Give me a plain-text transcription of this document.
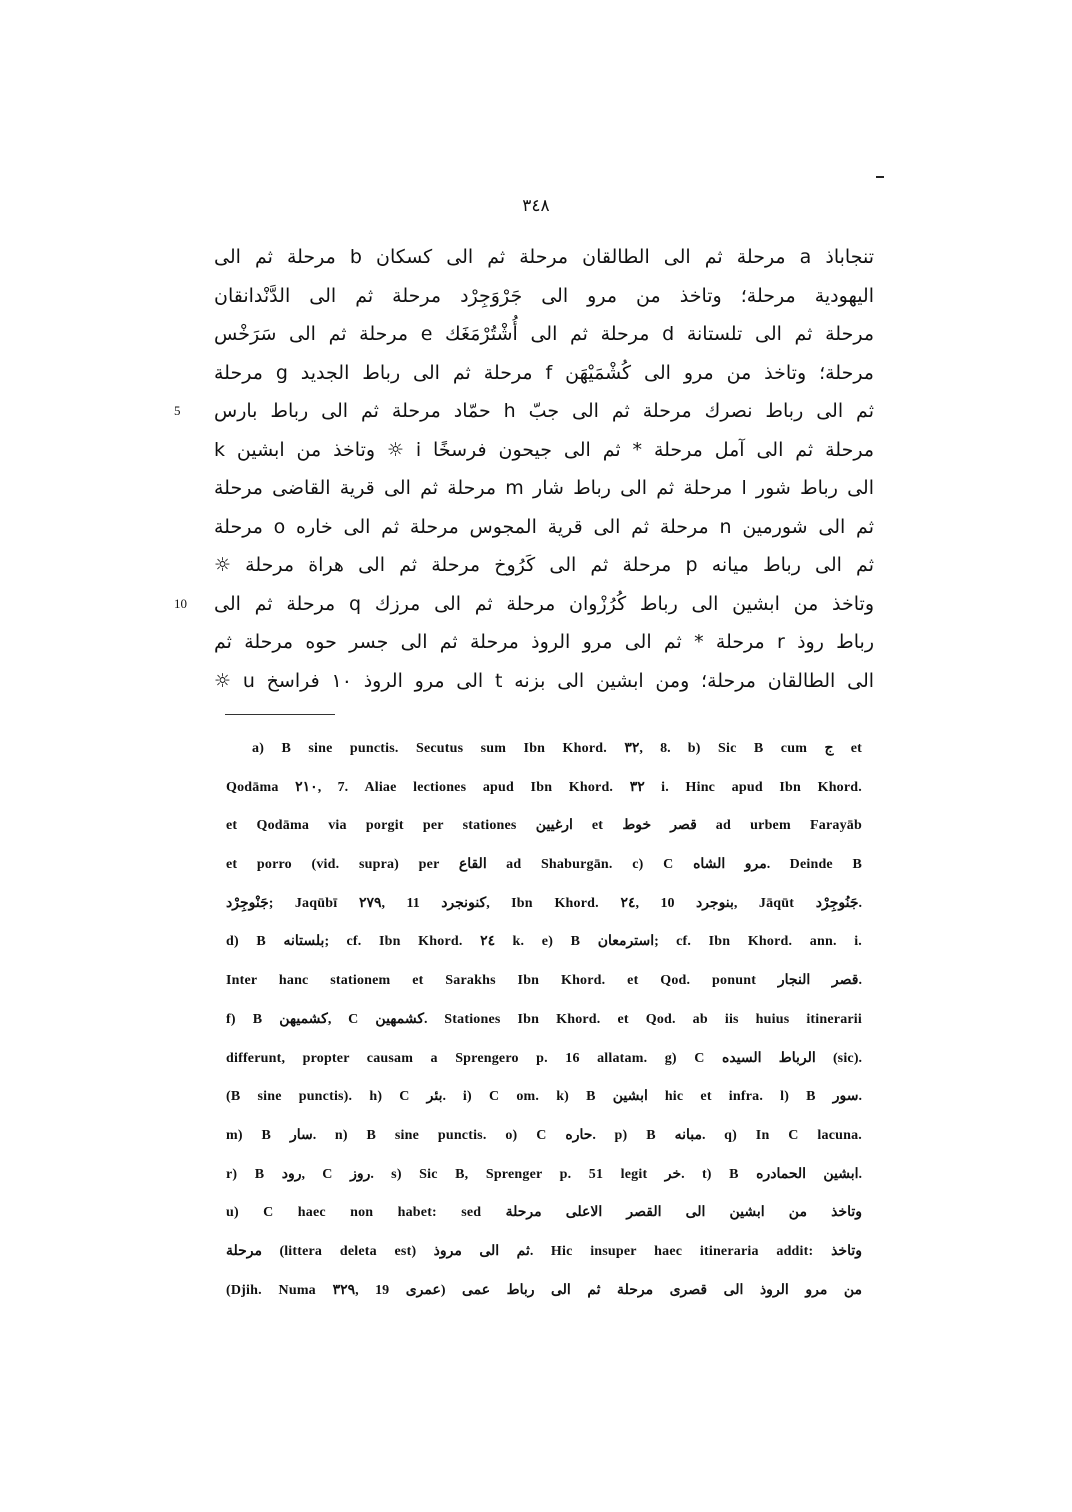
٣٤٨
تنجاباذ a مرحلة ثم الى الطالقان مرحلة ثم الى كسكان b مرحلة ثم الى
اليهودية مرحلة؛ وتاخذ من مرو الى جَرْوَجِرْد مرحلة ثم الى الدَّنْدانقان
مرحلة ثم الى تلستانة d مرحلة ثم الى أُشْتُرْمَغَك e مرحلة ثم الى سَرَخْس
مرحلة؛ وتاخذ من مرو الى كُشْمَيْهَن f مرحلة ثم الى رباط الجديد g مرحلة
ثم الى رباط نصرك مرحلة ثم الى جبّ h حمّاد مرحلة ثم الى رباط بارس
5
مرحلة ثم الى آمل مرحلة * ثم الى جيحون فرسخًا i ☼ وتاخذ من ابشين k
الى رباط شور l مرحلة ثم الى رباط شار m مرحلة ثم الى قرية القاضى مرحلة
ثم الى شورمين n مرحلة ثم الى قرية المجوس مرحلة ثم الى خاره o مرحلة
ثم الى رباط ميانه p مرحلة ثم الى كَرُوخ مرحلة ثم الى هراة مرحلة ☼
وتاخذ من ابشين الى رباط كُرُزْوان مرحلة ثم الى مرزك q مرحلة ثم الى
10
رباط روذ r مرحلة * ثم الى مرو الروذ مرحلة ثم الى جسر حوه مرحلة ثم
الى الطالقان مرحلة؛ ومن ابشين الى بزنه t الى مرو الروذ ١٠ فراسخ u ☼
a) B sine punctis. Secutus sum Ibn Khord. ٣٢, 8. b) Sic B cum ج et
Qodāma ٢١٠, 7. Aliae lectiones apud Ibn Khord. ٣٢ i. Hinc apud Ibn Khord.
et Qodāma via porgit per stationes ارغيين et قصر خوط ad urbem Farayāb
et porro (vid. supra) per القاع ad Shaburgān. c) C مرو الشاه. Deinde B
جَنْوجِرْد; Jaqūbī ٢٧٩, 11 كنونجرد, Ibn Khord. ٢٤, 10 بنوجرد, Jāqūt جَنُوجِرْد.
d) B بلستانه; cf. Ibn Khord. ٢٤ k. e) B استرمعان; cf. Ibn Khord. ann. i.
Inter hanc stationem et Sarakhs Ibn Khord. et Qod. ponunt قصر النجار.
f) B كشميهن, C كشمهين. Stationes Ibn Khord. et Qod. ab iis huius itinerarii
differunt, propter causam a Sprengero p. 16 allatam. g) C الرباط السيده (sic).
(B sine punctis). h) C بئر. i) C om. k) B ابشين hic et infra. l) B سور.
m) B سار. n) B sine punctis. o) C حاره. p) B مبانه. q) In C lacuna.
r) B رود, C روز. s) Sic B, Sprenger p. 51 legit خر. t) B ابشين الحمادره.
u) C haec non habet: sed وتاخذ من ابشين الى القصر الاعلى مرحلة
مرحلة (littera deleta est) ثم الى مروذ. Hic insuper haec itineraria addit: وتاخذ
(Djih. Numa ٣٢٩, 19 من مرو الروذ الى قصرى مرحلة ثم الى رباط عمى (عمرى
